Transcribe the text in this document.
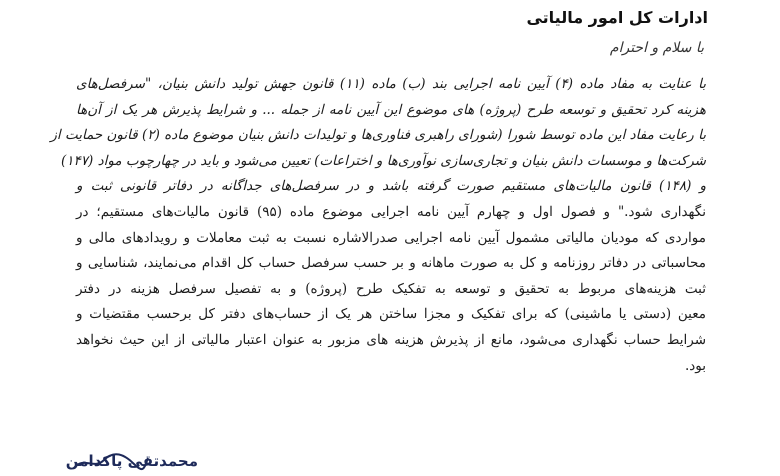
ادارات کل امور مالیاتی
با سلام و احترام
با عنایت به مفاد ماده (۴) آیین نامه اجرایی بند (ب) ماده (۱۱) قانون جهش تولید دانش بنیان، "سرفصل‌های
هزینه کرد تحقیق و توسعه طرح (پروژه) های موضوع این آیین نامه از جمله ... و شرایط پذیرش هر یک از آن‌ها
با رعایت مفاد این ماده توسط شورا (شورای راهبری فناوری‌ها و تولیدات دانش بنیان موضوع ماده (۲) قانون حمایت از
شرکت‌ها و موسسات دانش بنیان و تجاری‌سازی نوآوری‌ها و اختراعات) تعیین می‌شود و باید در چهارچوب مواد (۱۴۷)
و (۱۴۸) قانون مالیات‌های مستقیم صورت گرفته باشد و در سرفصل‌های جداگانه در دفاتر قانونی ثبت و
نگهداری شود." و فصول اول و چهارم آیین نامه اجرایی موضوع ماده (۹۵) قانون مالیات‌های مستقیم؛ در
مواردی که مودیان مالیاتی مشمول آیین نامه اجرایی صدرالاشاره نسبت به ثبت معاملات و رویدادهای مالی و
محاسباتی در دفاتر روزنامه و کل به صورت ماهانه و بر حسب سرفصل حساب کل اقدام می‌نمایند، شناسایی و
ثبت هزینه‌های مربوط به تحقیق و توسعه به تفکیک طرح (پروژه) و به تفصیل سرفصل هزینه در دفتر
معین (دستی یا ماشینی) که برای تفکیک و مجزا ساختن هر یک از حساب‌های دفتر کل برحسب مقتضیات و
شرایط حساب نگهداری می‌شود، مانع از پذیرش هزینه های مزبور به عنوان اعتبار مالیاتی از این حیث نخواهد
بود.
محمدتقی پاکدامن
